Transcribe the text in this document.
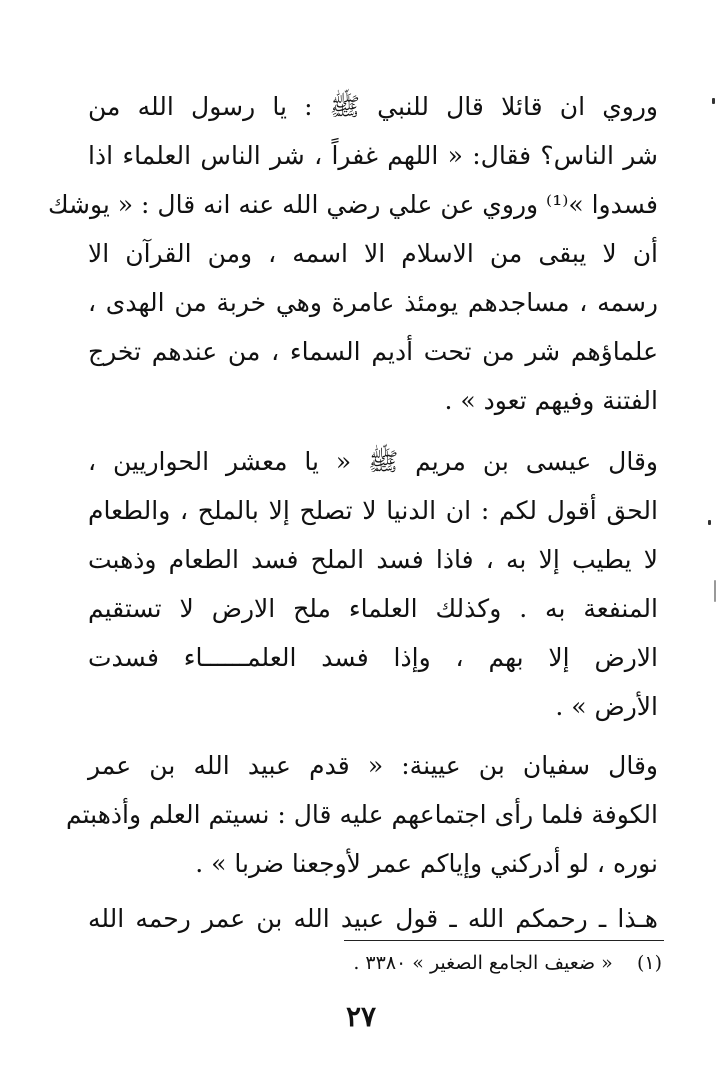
وروي ان قائلا قال للنبي ﷺ : يا رسول الله من
شر الناس؟ فقال: « اللهم غفراً ، شر الناس العلماء اذا
فسدوا »⁽¹⁾ وروي عن علي رضي الله عنه انه قال : « يوشك
أن لا يبقى من الاسلام الا اسمه ، ومن القرآن الا
رسمه ، مساجدهم يومئذ عامرة وهي خربة من الهدى ،
علماؤهم شر من تحت أديم السماء ، من عندهم تخرج
الفتنة وفيهم تعود » .

وقال عيسى بن مريم ﷺ « يا معشر الحواريين ،
الحق أقول لكم : ان الدنيا لا تصلح إلا بالملح ، والطعام
لا يطيب إلا به ، فاذا فسد الملح فسد الطعام وذهبت
المنفعة به . وكذلك العلماء ملح الارض لا تستقيم
الارض إلا بهم ، وإذا فسد العلمــــــاء فسدت
الأرض » .

وقال سفيان بن عيينة: « قدم عبيد الله بن عمر
الكوفة فلما رأى اجتماعهم عليه قال : نسيتم العلم وأذهبتم
نوره ، لو أدركني وإياكم عمر لأوجعنا ضربا » .

هـذا ـ رحمكم الله ـ قول عبيد الله بن عمر رحمه الله

(١)    « ضعيف الجامع الصغير » ٣٣٨٠ .
٢٧
